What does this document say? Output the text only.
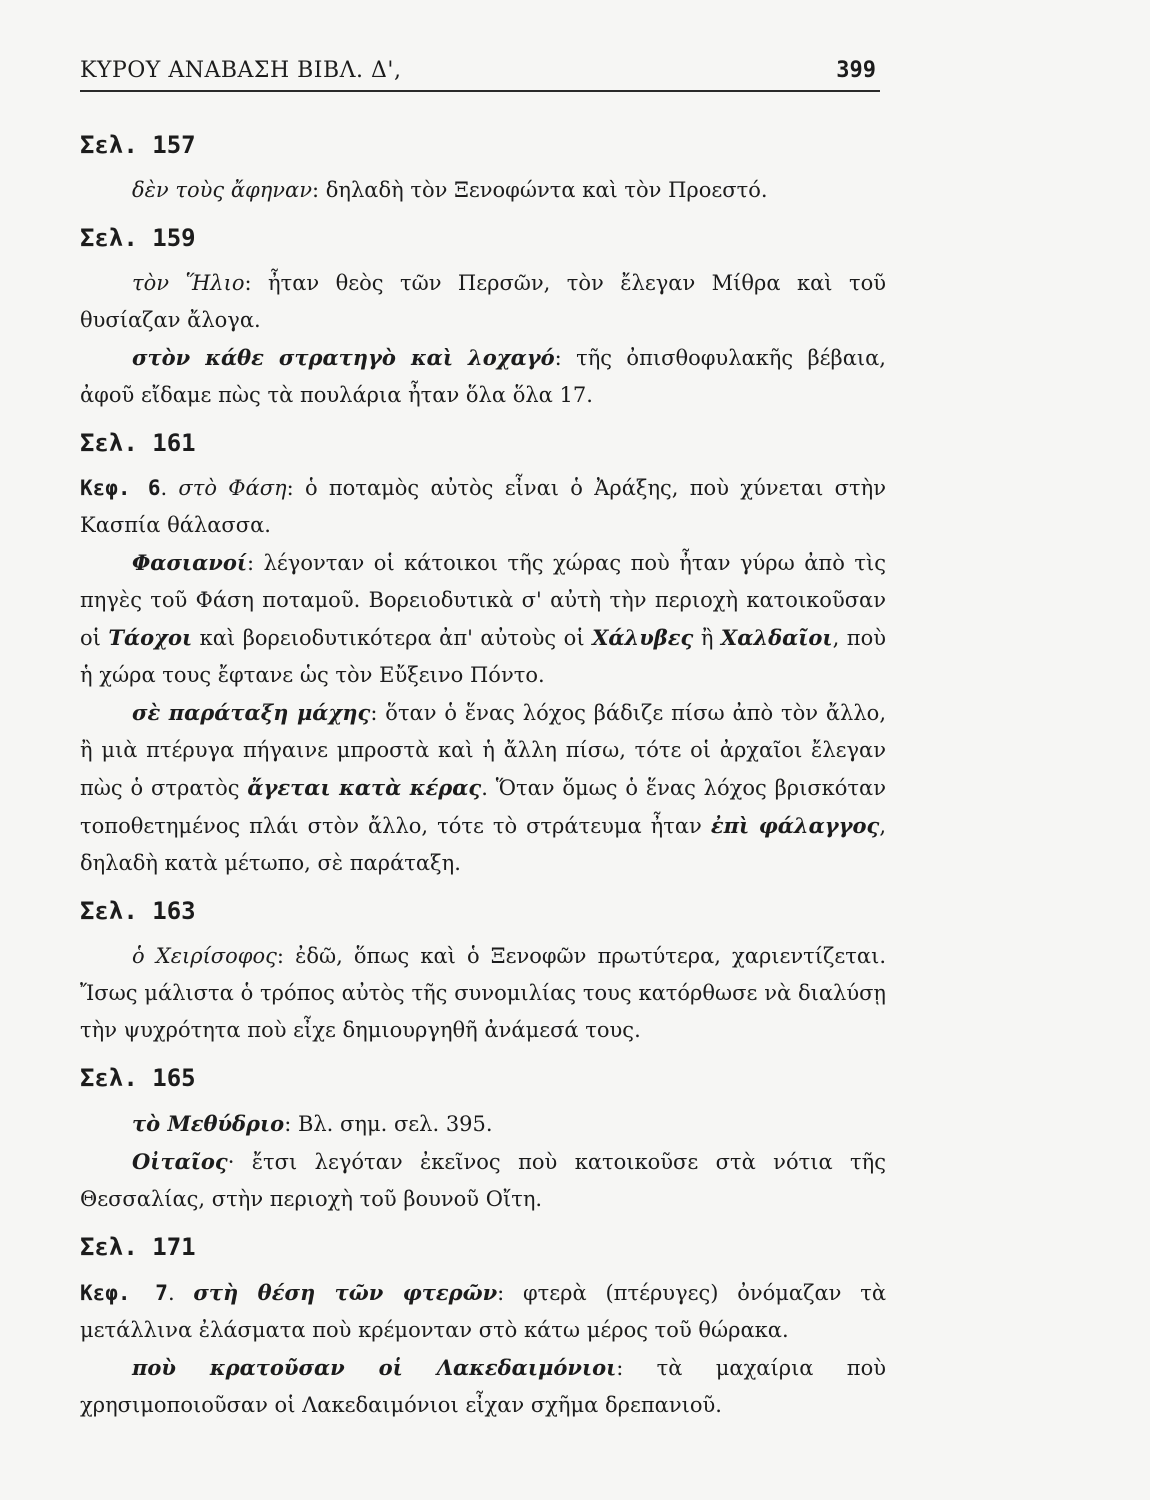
ΚΥΡΟΥ ΑΝΑΒΑΣΗ ΒΙΒΛ. Δ',	399
Σελ. 157

δὲν τοὺς ἄφηναν: δηλαδὴ τὸν Ξενοφώντα καὶ τὸν Προεστό.

Σελ. 159

τὸν Ἥλιο: ἦταν θεὸς τῶν Περσῶν, τὸν ἔλεγαν Μίθρα καὶ τοῦ θυσίαζαν ἄλογα.

στὸν κάθε στρατηγὸ καὶ λοχαγό: τῆς ὀπισθοφυλακῆς βέβαια, ἀφοῦ εἴδαμε πὼς τὰ πουλάρια ἦταν ὅλα ὅλα 17.

Σελ. 161

Κεφ. 6. στὸ Φάση: ὁ ποταμὸς αὐτὸς εἶναι ὁ Ἀράξης, ποὺ χύνεται στὴν Κασπία θάλασσα.

Φασιανοί: λέγονταν οἱ κάτοικοι τῆς χώρας ποὺ ἦταν γύρω ἀπὸ τὶς πηγὲς τοῦ Φάση ποταμοῦ. Βορειοδυτικὰ σ' αὐτὴ τὴν περιοχὴ κατοικοῦσαν οἱ Τάοχοι καὶ βορειοδυτικότερα ἀπ' αὐτοὺς οἱ Χάλυβες ἢ Χαλδαῖοι, ποὺ ἡ χώρα τους ἔφτανε ὡς τὸν Εὔξεινο Πόντο.

σὲ παράταξη μάχης: ὅταν ὁ ἕνας λόχος βάδιζε πίσω ἀπὸ τὸν ἄλλο, ἢ μιὰ πτέρυγα πήγαινε μπροστὰ καὶ ἡ ἄλλη πίσω, τότε οἱ ἀρχαῖοι ἔλεγαν πὼς ὁ στρατὸς ἄγεται κατὰ κέρας. Ὅταν ὅμως ὁ ἕνας λόχος βρισκόταν τοποθετημένος πλάι στὸν ἄλλο, τότε τὸ στράτευμα ἦταν ἐπὶ φάλαγγος, δηλαδὴ κατὰ μέτωπο, σὲ παράταξη.

Σελ. 163

ὁ Χειρίσοφος: ἐδῶ, ὅπως καὶ ὁ Ξενοφῶν πρωτύτερα, χαριεντίζεται. Ἴσως μάλιστα ὁ τρόπος αὐτὸς τῆς συνομιλίας τους κατόρθωσε νὰ διαλύσῃ τὴν ψυχρότητα ποὺ εἶχε δημιουργηθῆ ἀνάμεσά τους.

Σελ. 165

τὸ Μεθύδριο: Βλ. σημ. σελ. 395.

Οἰταῖος· ἔτσι λεγόταν ἐκεῖνος ποὺ κατοικοῦσε στὰ νότια τῆς Θεσσαλίας, στὴν περιοχὴ τοῦ βουνοῦ Οἴτη.

Σελ. 171

Κεφ. 7. στὴ θέση τῶν φτερῶν: φτερὰ (πτέρυγες) ὀνόμαζαν τὰ μετάλλινα ἐλάσματα ποὺ κρέμονταν στὸ κάτω μέρος τοῦ θώρακα.

ποὺ κρατοῦσαν οἱ Λακεδαιμόνιοι: τὰ μαχαίρια ποὺ χρησιμοποιοῦσαν οἱ Λακεδαιμόνιοι εἶχαν σχῆμα δρεπανιοῦ.
